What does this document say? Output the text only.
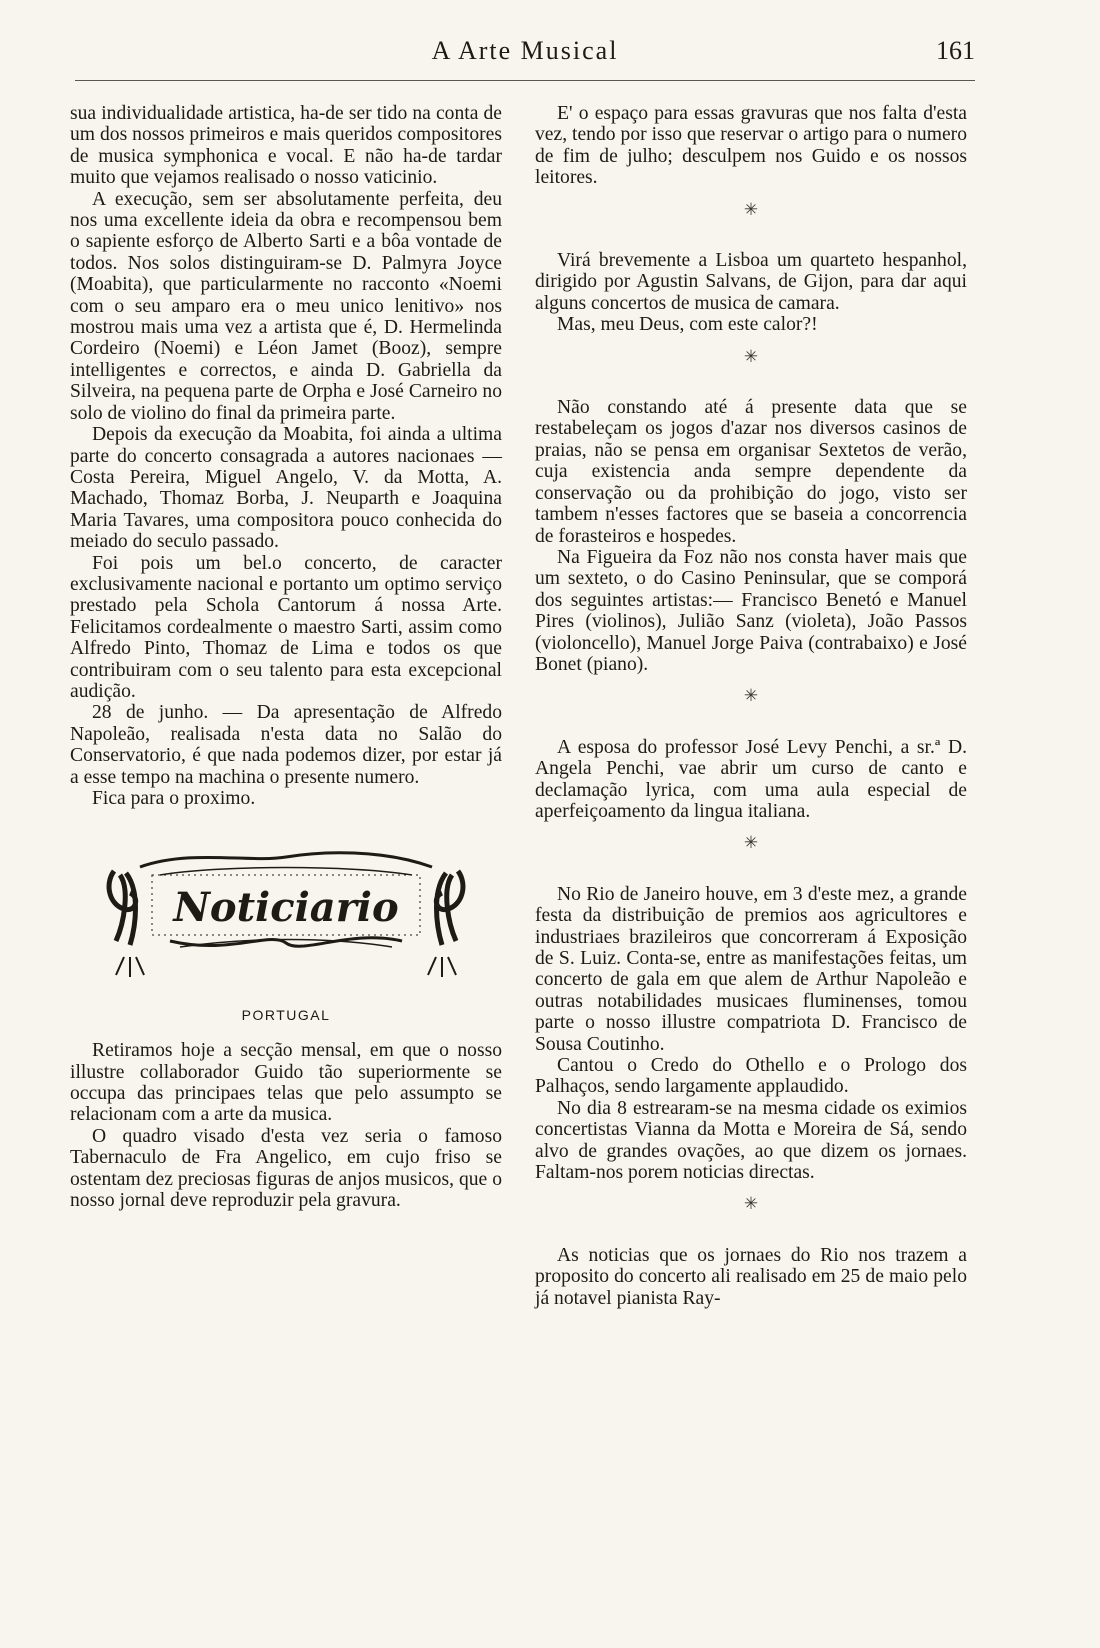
A Arte Musical	161

sua individualidade artistica, ha-de ser tido na conta de um dos nossos primeiros e mais queridos compositores de musica symphonica e vocal. E não ha-de tardar muito que vejamos realisado o nosso vaticinio.

A execução, sem ser absolutamente perfeita, deu nos uma excellente ideia da obra e recompensou bem o sapiente esforço de Alberto Sarti e a bôa vontade de todos. Nos solos distinguiram-se D. Palmyra Joyce (Moabita), que particularmente no racconto «Noemi com o seu amparo era o meu unico lenitivo» nos mostrou mais uma vez a artista que é, D. Hermelinda Cordeiro (Noemi) e Léon Jamet (Booz), sempre intelligentes e correctos, e ainda D. Gabriella da Silveira, na pequena parte de Orpha e José Carneiro no solo de violino do final da primeira parte.

Depois da execução da Moabita, foi ainda a ultima parte do concerto consagrada a autores nacionaes — Costa Pereira, Miguel Angelo, V. da Motta, A. Machado, Thomaz Borba, J. Neuparth e Joaquina Maria Tavares, uma compositora pouco conhecida do meiado do seculo passado.

Foi pois um bel.o concerto, de caracter exclusivamente nacional e portanto um optimo serviço prestado pela Schola Cantorum á nossa Arte. Felicitamos cordealmente o maestro Sarti, assim como Alfredo Pinto, Thomaz de Lima e todos os que contribuiram com o seu talento para esta excepcional audição.

28 de junho. — Da apresentação de Alfredo Napoleão, realisada n'esta data no Salão do Conservatorio, é que nada podemos dizer, por estar já a esse tempo na machina o presente numero.

Fica para o proximo.

Noticiario
PORTUGAL

Retiramos hoje a secção mensal, em que o nosso illustre collaborador Guido tão superiormente se occupa das principaes telas que pelo assumpto se relacionam com a arte da musica.

O quadro visado d'esta vez seria o famoso Tabernaculo de Fra Angelico, em cujo friso se ostentam dez preciosas figuras de anjos musicos, que o nosso jornal deve reproduzir pela gravura.

E' o espaço para essas gravuras que nos falta d'esta vez, tendo por isso que reservar o artigo para o numero de fim de julho; desculpem nos Guido e os nossos leitores.

✳

Virá brevemente a Lisboa um quarteto hespanhol, dirigido por Agustin Salvans, de Gijon, para dar aqui alguns concertos de musica de camara.

Mas, meu Deus, com este calor?!

✳

Não constando até á presente data que se restabeleçam os jogos d'azar nos diversos casinos de praias, não se pensa em organisar Sextetos de verão, cuja existencia anda sempre dependente da conservação ou da prohibição do jogo, visto ser tambem n'esses factores que se baseia a concorrencia de forasteiros e hospedes.

Na Figueira da Foz não nos consta haver mais que um sexteto, o do Casino Peninsular, que se comporá dos seguintes artistas:— Francisco Benetó e Manuel Pires (violinos), Julião Sanz (violeta), João Passos (violoncello), Manuel Jorge Paiva (contrabaixo) e José Bonet (piano).

✳

A esposa do professor José Levy Penchi, a sr.ª D. Angela Penchi, vae abrir um curso de canto e declamação lyrica, com uma aula especial de aperfeiçoamento da lingua italiana.

✳

No Rio de Janeiro houve, em 3 d'este mez, a grande festa da distribuição de premios aos agricultores e industriaes brazileiros que concorreram á Exposição de S. Luiz. Conta-se, entre as manifestações feitas, um concerto de gala em que alem de Arthur Napoleão e outras notabilidades musicaes fluminenses, tomou parte o nosso illustre compatriota D. Francisco de Sousa Coutinho.

Cantou o Credo do Othello e o Prologo dos Palhaços, sendo largamente applaudido.

No dia 8 estrearam-se na mesma cidade os eximios concertistas Vianna da Motta e Moreira de Sá, sendo alvo de grandes ovações, ao que dizem os jornaes. Faltam-nos porem noticias directas.

✳

As noticias que os jornaes do Rio nos trazem a proposito do concerto ali realisado em 25 de maio pelo já notavel pianista Ray-
